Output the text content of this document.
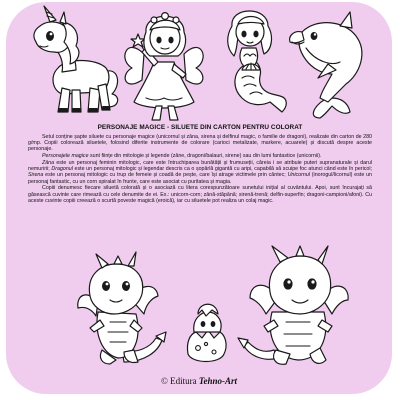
PERSONAJE MAGICE - SILUETE DIN CARTON PENTRU COLORAT

Setul conține șapte siluete cu personaje magice (unicornul și zâna, sirena și delfinul magic, o familie de dragoni), realizate din carton de 280 g/mp. Copiii colorează siluetele, folosind diferite instrumente de colorare (carioci metalizate, markere, acuarele) și discută despre aceste personaje.

Personajele magice sunt ființe din mitologie și legende (zâne, dragoni/balauri, sirene) sau din lumi fantastice (unicornii).

Zâna este un personaj feminin mitologic, care este întruchiparea bunătății și frumuseții, căreia i se atribuie puteri supranaturale și darul nemuririi; Dragonul este un personaj mitologic și legendar descris ca o șopârlă gigantă cu aripi, capabilă să scuipe foc atunci când este în pericol; Sirena este un personaj mitologic cu trup de femeie și coadă de pește, care își atrage victimele prin cântec; Unicornul (inorogul/licornul) este un personaj fantastic, cu un corn spiralat în frunte, care este asociat cu puritatea și magia.

Copiii denumesc fiecare siluetă colorată și o asociază cu litera corespunzătoare sunetului inițial al cuvântului. Apoi, sunt încurajați să găsească cuvinte care rimează cu cele denumite de ei. Ex.: unicorn-corn; zână-stăpână; sirenă-trenă; delfin-superfin; dragoni-campioni/afoni). Cu aceste cuvinte copiii creează o scurtă poveste magică (eroică), iar cu siluetele pot realiza un colaj magic.

© Editura Tehno-Art
